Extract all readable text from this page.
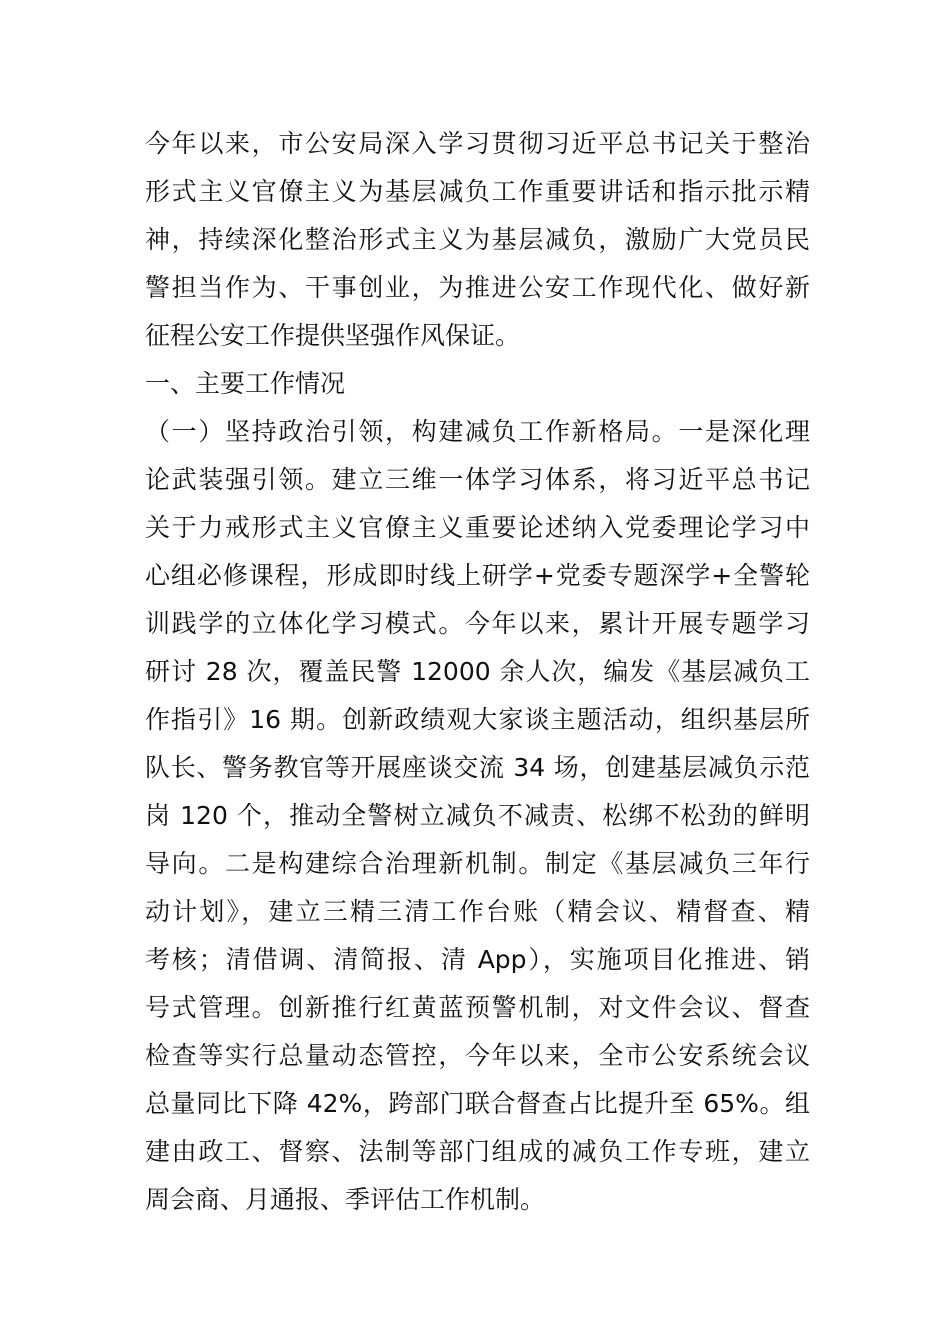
今年以来，市公安局深入学习贯彻习近平总书记关于整治
形式主义官僚主义为基层减负工作重要讲话和指示批示精
神，持续深化整治形式主义为基层减负，激励广大党员民
警担当作为、干事创业，为推进公安工作现代化、做好新
征程公安工作提供坚强作风保证。
一、主要工作情况
（一）坚持政治引领，构建减负工作新格局。一是深化理
论武装强引领。建立三维一体学习体系，将习近平总书记
关于力戒形式主义官僚主义重要论述纳入党委理论学习中
心组必修课程，形成即时线上研学+党委专题深学+全警轮
训践学的立体化学习模式。今年以来，累计开展专题学习
研讨 28 次，覆盖民警 12000 余人次，编发《基层减负工
作指引》16 期。创新政绩观大家谈主题活动，组织基层所
队长、警务教官等开展座谈交流 34 场，创建基层减负示范
岗 120 个，推动全警树立减负不减责、松绑不松劲的鲜明
导向。二是构建综合治理新机制。制定《基层减负三年行
动计划》，建立三精三清工作台账（精会议、精督查、精
考核；清借调、清简报、清 App），实施项目化推进、销
号式管理。创新推行红黄蓝预警机制，对文件会议、督查
检查等实行总量动态管控，今年以来，全市公安系统会议
总量同比下降 42%，跨部门联合督查占比提升至 65%。组
建由政工、督察、法制等部门组成的减负工作专班，建立
周会商、月通报、季评估工作机制。
